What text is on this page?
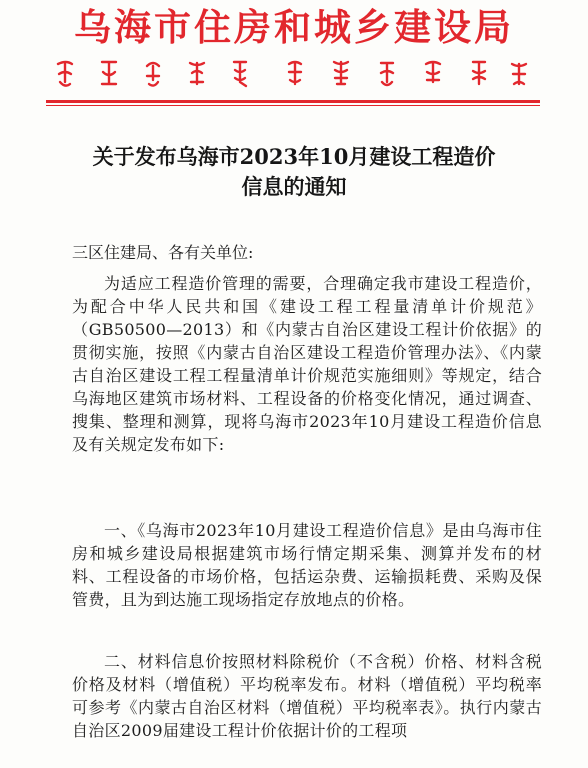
乌海市住房和城乡建设局
关于发布乌海市2023年10月建设工程造价
信息的通知
三区住建局、各有关单位:
为适应工程造价管理的需要，合理确定我市建设工程造价，为配合中华人民共和国《建设工程工程量清单计价规范》（GB50500—2013）和《内蒙古自治区建设工程计价依据》的贯彻实施，按照《内蒙古自治区建设工程造价管理办法》、《内蒙古自治区建设工程工程量清单计价规范实施细则》等规定，结合乌海地区建筑市场材料、工程设备的价格变化情况，通过调查、搜集、整理和测算，现将乌海市2023年10月建设工程造价信息及有关规定发布如下:
一、《乌海市2023年10月建设工程造价信息》是由乌海市住房和城乡建设局根据建筑市场行情定期采集、测算并发布的材料、工程设备的市场价格，包括运杂费、运输损耗费、采购及保管费，且为到达施工现场指定存放地点的价格。
二、材料信息价按照材料除税价（不含税）价格、材料含税价格及材料（增值税）平均税率发布。材料（增值税）平均税率可参考《内蒙古自治区材料（增值税）平均税率表》。执行内蒙古自治区2009届建设工程计价依据计价的工程项
